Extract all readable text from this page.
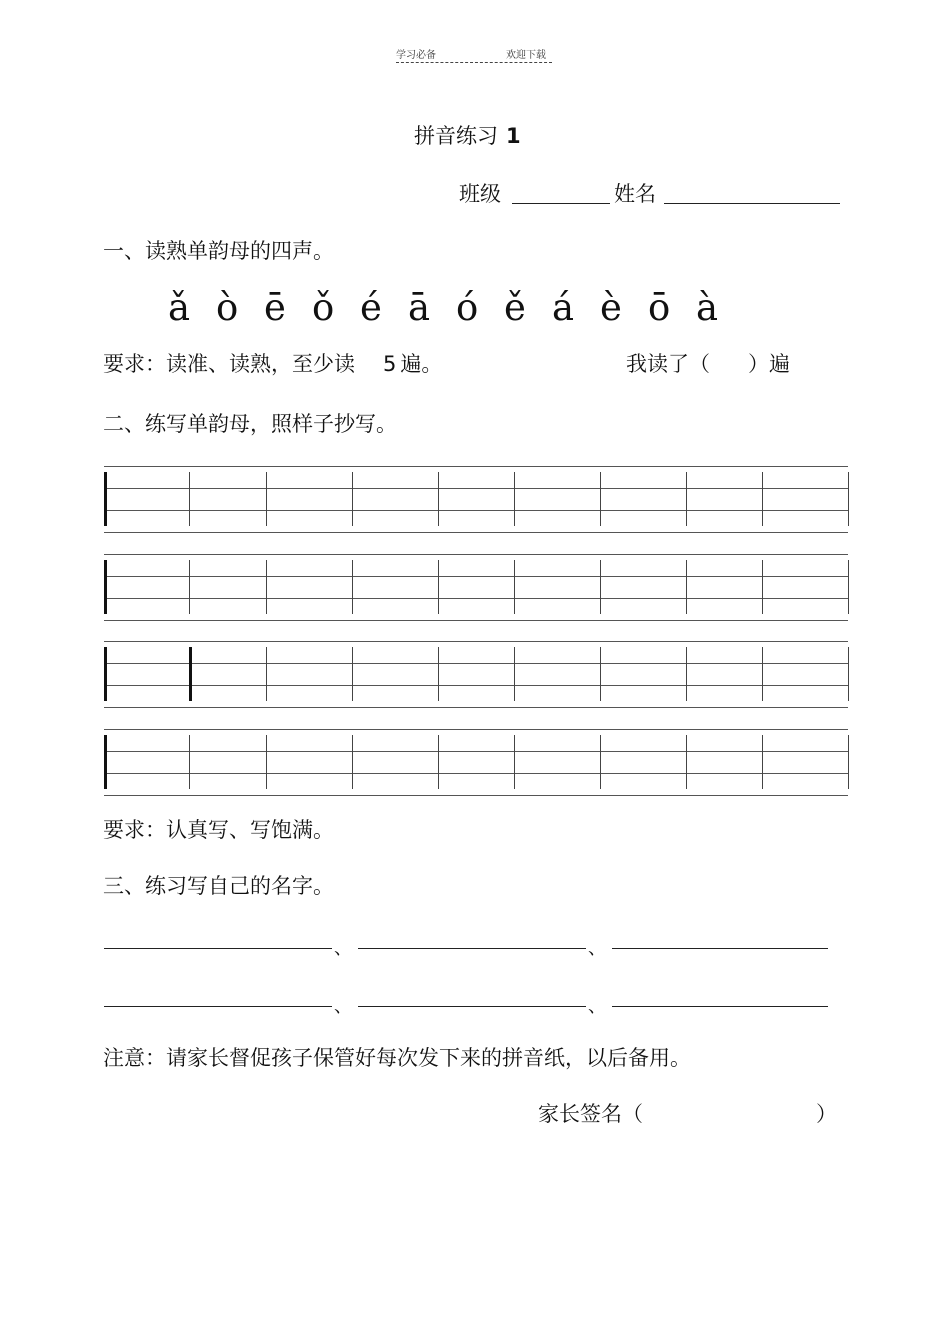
学习必备	欢迎下载
拼音练习 1
班级	姓名
一、读熟单韵母的四声。
ǎ ò ē ǒ é ā ó ě á è ō à
要求：读准、读熟，至少读 5 遍。	我读了（ ）遍
二、练写单韵母，照样子抄写。
要求：认真写、写饱满。
三、练习写自己的名字。
、	、
、	、
注意：请家长督促孩子保管好每次发下来的拼音纸，以后备用。
家长签名（	）
